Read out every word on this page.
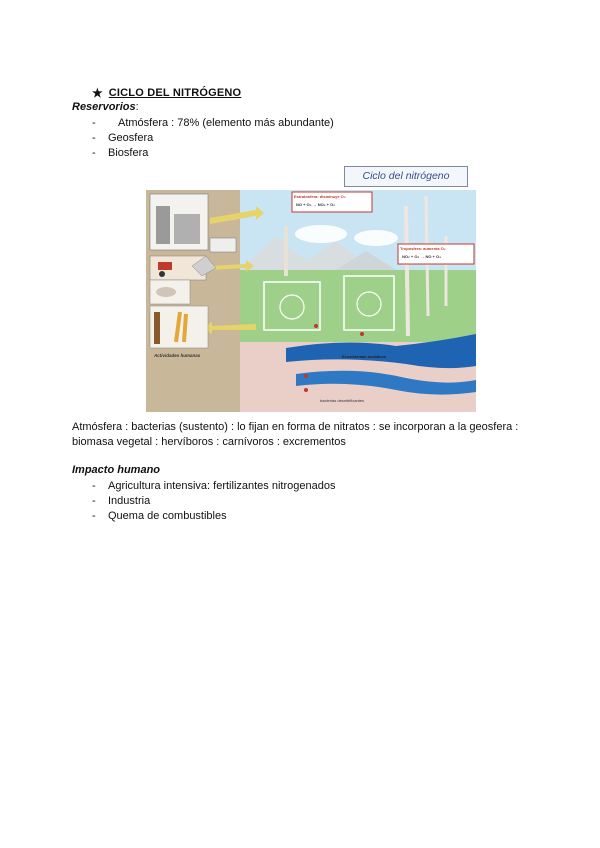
★ CICLO DEL NITRÓGENO
Reservorios:
-	Atmósfera : 78% (elemento más abundante)
-	Geosfera
-	Biosfera
Ciclo del nitrógeno
Estratosfera: disminuye O₃
NO + O₃ → NO₂ + O₂
Troposfera: aumenta O₃
NO₂ + O₂ → NO + O₃
Ecosistemas acuáticos
bacterias desnitrificantes
Actividades humanas
Atmósfera : bacterias (sustento) : lo fijan en forma de nitratos : se incorporan a la geosfera :
biomasa vegetal : hervíboros : carnívoros : excrementos
Impacto humano
-	Agricultura intensiva: fertilizantes nitrogenados
-	Industria
-	Quema de combustibles
